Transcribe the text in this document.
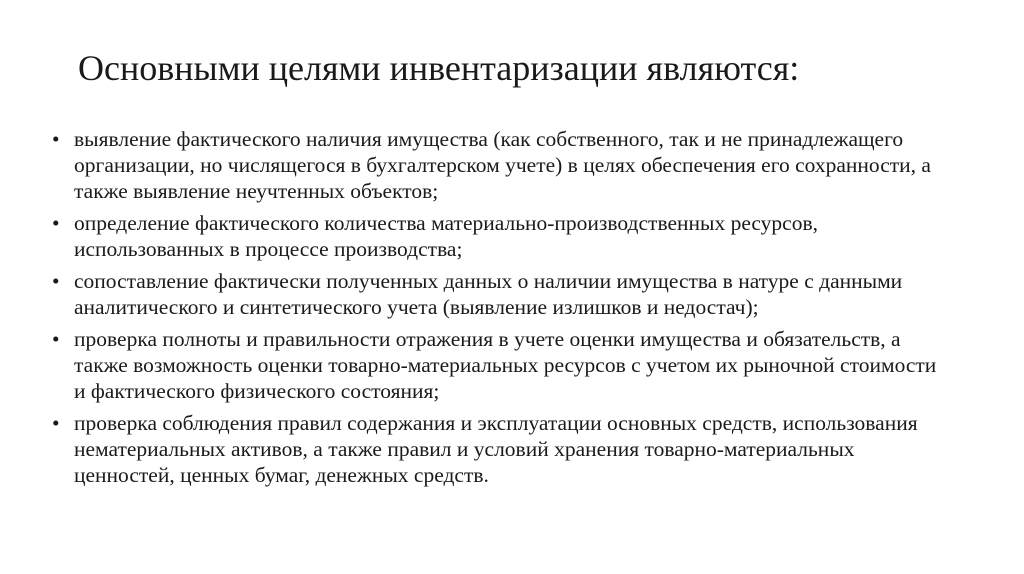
Основными целями инвентаризации являются:
• выявление фактического наличия имущества (как собственного, так и не принадлежащего организации, но числящегося в бухгалтерском учете) в целях обеспечения его сохранности, а также выявление неучтенных объектов;
• определение фактического количества материально-производственных ресурсов, использованных в процессе производства;
• сопоставление фактически полученных данных о наличии имущества в натуре с данными аналитического и синтетического учета (выявление излишков и недостач);
• проверка полноты и правильности отражения в учете оценки имущества и обязательств, а также возможность оценки товарно-материальных ресурсов с учетом их рыночной стоимости и фактического физического состояния;
• проверка соблюдения правил содержания и эксплуатации основных средств, использования нематериальных активов, а также правил и условий хранения товарно-материальных ценностей, ценных бумаг, денежных средств.
